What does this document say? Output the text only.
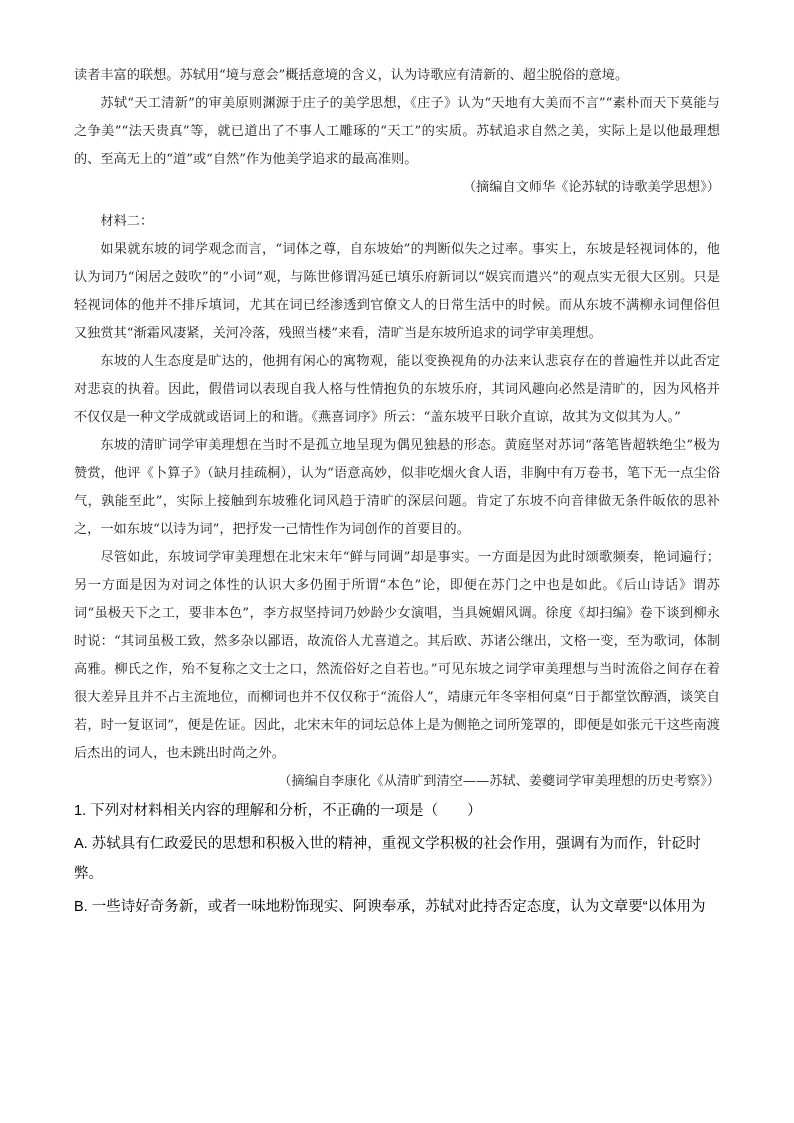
读者丰富的联想。苏轼用“境与意会”概括意境的含义，认为诗歌应有清新的、超尘脱俗的意境。

苏轼“天工清新”的审美原则渊源于庄子的美学思想，《庄子》认为“天地有大美而不言”“素朴而天下莫能与之争美”“法天贵真”等，就已道出了不事人工雕琢的“天工”的实质。苏轼追求自然之美，实际上是以他最理想的、至高无上的“道”或“自然”作为他美学追求的最高准则。

（摘编自文师华《论苏轼的诗歌美学思想》）

材料二：

如果就东坡的词学观念而言，“词体之尊，自东坡始”的判断似失之过率。事实上，东坡是轻视词体的，他认为词乃“闲居之鼓吹”的“小词”观，与陈世修谓冯延已填乐府新词以“娱宾而遣兴”的观点实无很大区别。只是轻视词体的他并不排斥填词，尤其在词已经渗透到官僚文人的日常生活中的时候。而从东坡不满柳永词俚俗但又独赏其“渐霜风凄紧，关河冷落，残照当楼”来看，清旷当是东坡所追求的词学审美理想。

东坡的人生态度是旷达的，他拥有闲心的寓物观，能以变换视角的办法来认悲哀存在的普遍性并以此否定对悲哀的执着。因此，假借词以表现自我人格与性情抱负的东坡乐府，其词风趣向必然是清旷的，因为风格并不仅仅是一种文学成就或语词上的和谐。《燕喜词序》所云：“盖东坡平日耿介直谅，故其为文似其为人。”

东坡的清旷词学审美理想在当时不是孤立地呈现为偶见独悬的形态。黄庭坚对苏词“落笔皆超轶绝尘”极为赞赏，他评《卜算子》（缺月挂疏桐），认为“语意高妙，似非吃烟火食人语，非胸中有万卷书，笔下无一点尘俗气，孰能至此”，实际上接触到东坡雅化词风趋于清旷的深层问题。肯定了东坡不向音律做无条件皈依的思补之，一如东坡“以诗为词”，把抒发一己情性作为词创作的首要目的。

尽管如此，东坡词学审美理想在北宋末年“鲜与同调”却是事实。一方面是因为此时颂歌频奏，艳词遍行；另一方面是因为对词之体性的认识大多仍囿于所谓“本色”论，即便在苏门之中也是如此。《后山诗话》谓苏词“虽极天下之工，要非本色”，李方叔坚持词乃妙龄少女演唱，当具婉媚风调。徐度《却扫编》卷下谈到柳永时说：“其词虽极工致，然多杂以鄙语，故流俗人尤喜道之。其后欧、苏诸公继出，文格一变，至为歌词，体制高雅。柳氏之作，殆不复称之文士之口，然流俗好之自若也。”可见东坡之词学审美理想与当时流俗之间存在着很大差异且并不占主流地位，而柳词也并不仅仅称于“流俗人”，靖康元年冬宰相何桌“日于都堂饮醇酒，谈笑自若，时一复讴词”，便是佐证。因此，北宋末年的词坛总体上是为侧艳之词所笼罩的，即便是如张元干这些南渡后杰出的词人，也未跳出时尚之外。

（摘编自李康化《从清旷到清空——苏轼、姜夔词学审美理想的历史考察》）

1. 下列对材料相关内容的理解和分析，不正确的一项是（　　）

A. 苏轼具有仁政爱民的思想和积极入世的精神，重视文学积极的社会作用，强调有为而作，针砭时弊。

B. 一些诗好奇务新，或者一味地粉饰现实、阿谀奉承，苏轼对此持否定态度，认为文章要“以体用为
